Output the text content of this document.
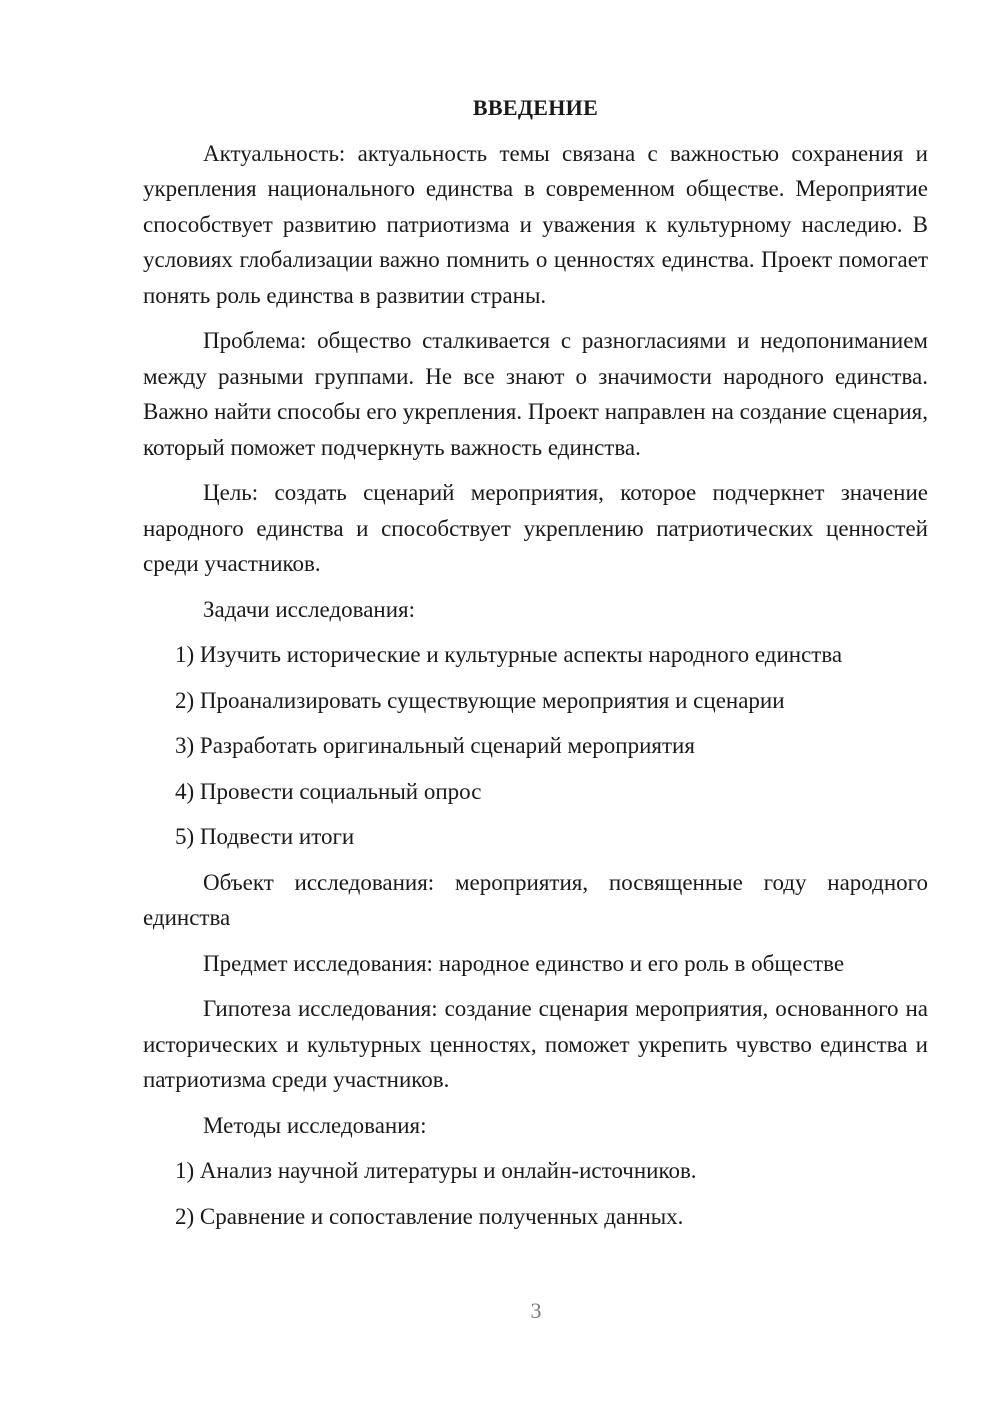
ВВЕДЕНИЕ

Актуальность: актуальность темы связана с важностью сохранения и укрепления национального единства в современном обществе. Мероприятие способствует развитию патриотизма и уважения к культурному наследию. В условиях глобализации важно помнить о ценностях единства. Проект помогает понять роль единства в развитии страны.

Проблема: общество сталкивается с разногласиями и недопониманием между разными группами. Не все знают о значимости народного единства. Важно найти способы его укрепления. Проект направлен на создание сценария, который поможет подчеркнуть важность единства.

Цель: создать сценарий мероприятия, которое подчеркнет значение народного единства и способствует укреплению патриотических ценностей среди участников.

Задачи исследования:
1) Изучить исторические и культурные аспекты народного единства
2) Проанализировать существующие мероприятия и сценарии
3) Разработать оригинальный сценарий мероприятия
4) Провести социальный опрос
5) Подвести итоги

Объект исследования: мероприятия, посвященные году народного единства

Предмет исследования: народное единство и его роль в обществе

Гипотеза исследования: создание сценария мероприятия, основанного на исторических и культурных ценностях, поможет укрепить чувство единства и патриотизма среди участников.

Методы исследования:
1) Анализ научной литературы и онлайн-источников.
2) Сравнение и сопоставление полученных данных.
3
